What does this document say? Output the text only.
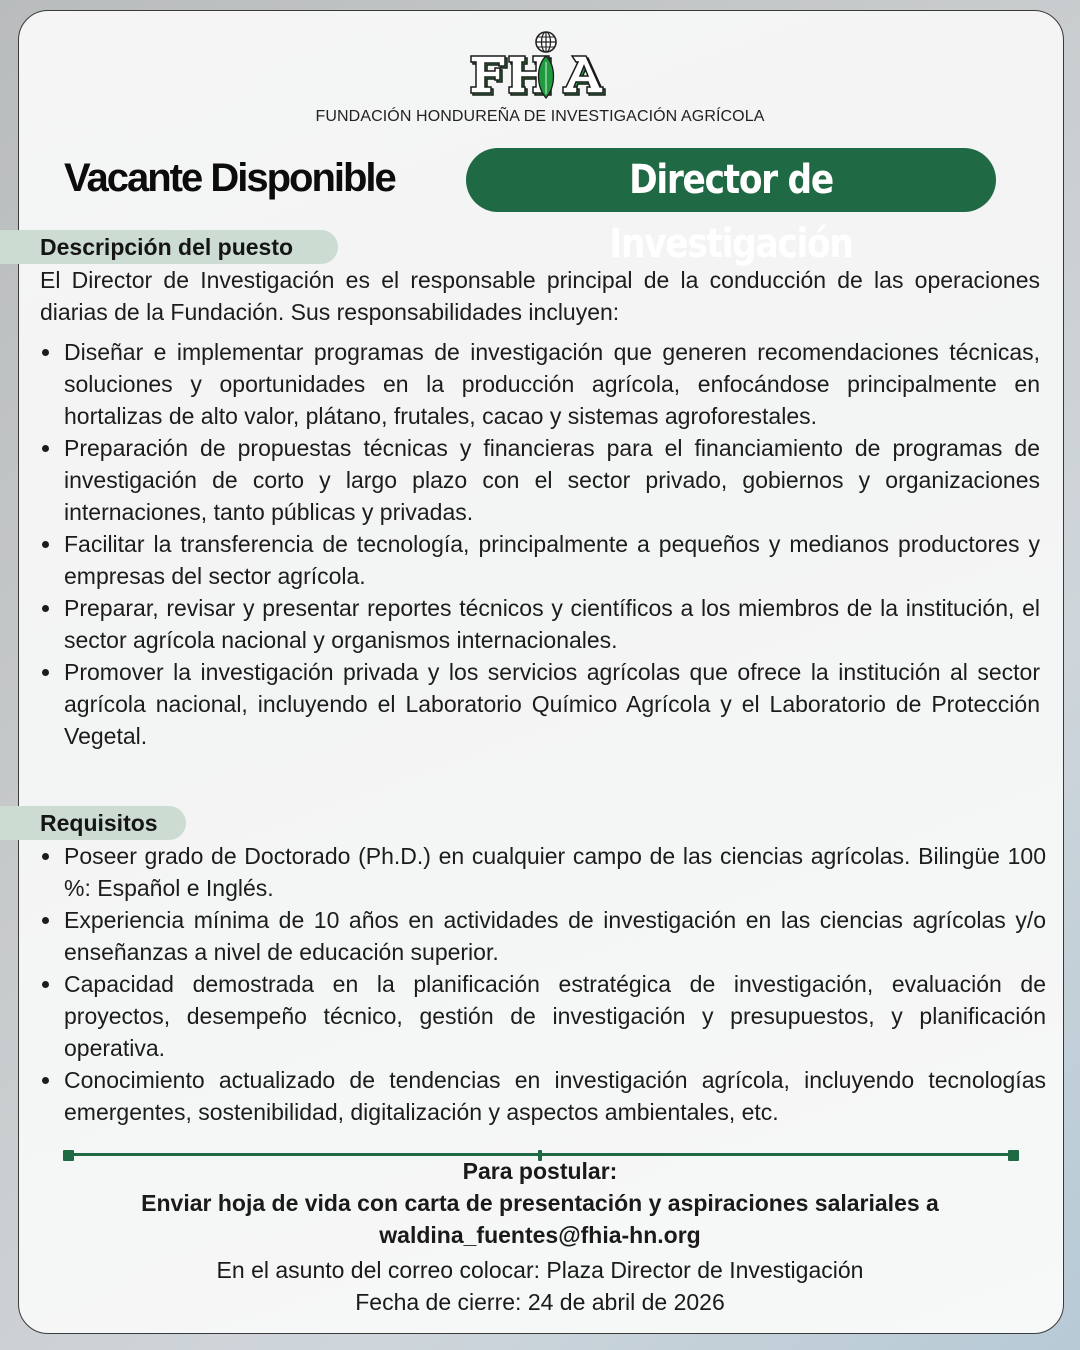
FUNDACIÓN HONDUREÑA DE INVESTIGACIÓN AGRÍCOLA
Vacante Disponible	Director de Investigación
Descripción del puesto

El Director de Investigación es el responsable principal de la conducción de las operaciones diarias de la Fundación. Sus responsabilidades incluyen:

Diseñar e implementar programas de investigación que generen recomendaciones técnicas, soluciones y oportunidades en la producción agrícola, enfocándose principalmente en hortalizas de alto valor, plátano, frutales, cacao y sistemas agroforestales.
Preparación de propuestas técnicas y financieras para el financiamiento de programas de investigación de corto y largo plazo con el sector privado, gobiernos y organizaciones internaciones, tanto públicas y privadas.
Facilitar la transferencia de tecnología, principalmente a pequeños y medianos productores y empresas del sector agrícola.
Preparar, revisar y presentar reportes técnicos y científicos a los miembros de la institución, el sector agrícola nacional y organismos internacionales.
Promover la investigación privada y los servicios agrícolas que ofrece la institución al sector agrícola nacional, incluyendo el Laboratorio Químico Agrícola y el Laboratorio de Protección Vegetal.
Requisitos
Poseer grado de Doctorado (Ph.D.) en cualquier campo de las ciencias agrícolas. Bilingüe 100 %: Español e Inglés.
Experiencia mínima de 10 años en actividades de investigación en las ciencias agrícolas y/o enseñanzas a nivel de educación superior.
Capacidad demostrada en la planificación estratégica de investigación, evaluación de proyectos, desempeño técnico, gestión de investigación y presupuestos, y planificación operativa.
Conocimiento actualizado de tendencias en investigación agrícola, incluyendo tecnologías emergentes, sostenibilidad, digitalización y aspectos ambientales, etc.
Para postular:
Enviar hoja de vida con carta de presentación y aspiraciones salariales a
waldina_fuentes@fhia-hn.org
En el asunto del correo colocar: Plaza Director de Investigación
Fecha de cierre: 24 de abril de 2026
